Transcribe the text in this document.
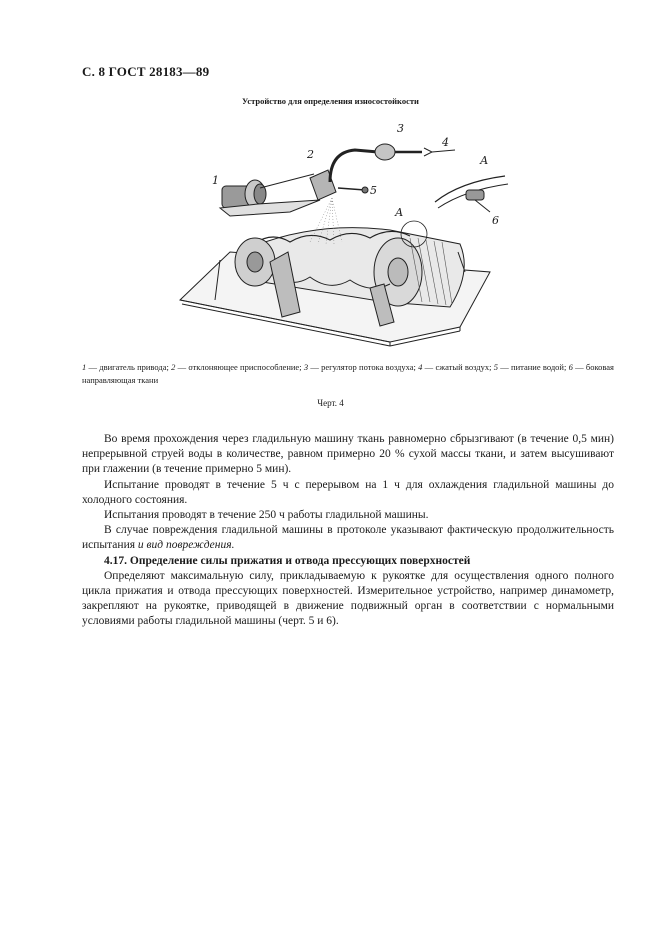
С. 8 ГОСТ 28183—89
Устройство для определения износостойкости
1
2
3
4
5
6
А
А
1 — двигатель привода; 2 — отклоняющее приспособление; 3 — регулятор потока воздуха; 4 — сжатый воздух; 5 — питание водой; 6 — боковая направляющая ткани
Черт. 4

Во время прохождения через гладильную машину ткань равномерно сбрызгивают (в течение 0,5 мин) непрерывной струей воды в количестве, равном примерно 20 % сухой массы ткани, и затем высушивают при глажении (в течение примерно 5 мин).

Испытание проводят в течение 5 ч с перерывом на 1 ч для охлаждения гладильной машины до холодного состояния.

Испытания проводят в течение 250 ч работы гладильной машины.

В случае повреждения гладильной машины в протоколе указывают фактическую продолжительность испытания и вид повреждения.

4.17. Определение силы прижатия и отвода прессующих поверхностей

Определяют максимальную силу, прикладываемую к рукоятке для осуществления одного полного цикла прижатия и отвода прессующих поверхностей. Измерительное устройство, например динамометр, закрепляют на рукоятке, приводящей в движение подвижный орган в соответствии с нормальными условиями работы гладильной машины (черт. 5 и 6).
